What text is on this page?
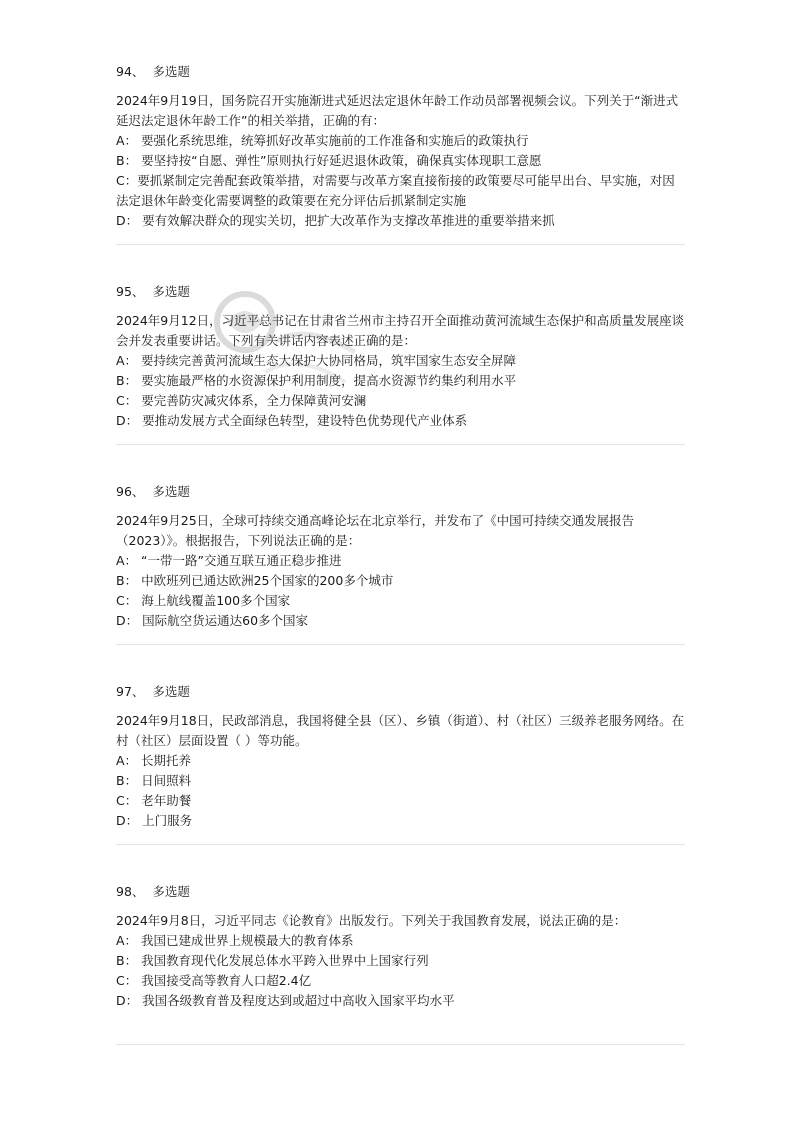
94、 多选题
2024年9月19日，国务院召开实施渐进式延迟法定退休年龄工作动员部署视频会议。下列关于“渐进式延迟法定退休年龄工作”的相关举措，正确的有：
A： 要强化系统思维，统筹抓好改革实施前的工作准备和实施后的政策执行
B： 要坚持按“自愿、弹性”原则执行好延迟退休政策，确保真实体现职工意愿
C：要抓紧制定完善配套政策举措，对需要与改革方案直接衔接的政策要尽可能早出台、早实施，对因法定退休年龄变化需要调整的政策要在充分评估后抓紧制定实施
D： 要有效解决群众的现实关切，把扩大改革作为支撑改革推进的重要举措来抓
95、 多选题
2024年9月12日，习近平总书记在甘肃省兰州市主持召开全面推动黄河流域生态保护和高质量发展座谈会并发表重要讲话。下列有关讲话内容表述正确的是：
A： 要持续完善黄河流域生态大保护大协同格局，筑牢国家生态安全屏障
B： 要实施最严格的水资源保护利用制度，提高水资源节约集约利用水平
C： 要完善防灾减灾体系，全力保障黄河安澜
D： 要推动发展方式全面绿色转型，建设特色优势现代产业体系
96、 多选题
2024年9月25日，全球可持续交通高峰论坛在北京举行，并发布了《中国可持续交通发展报告（2023）》。根据报告，下列说法正确的是：
A： “一带一路”交通互联互通正稳步推进
B： 中欧班列已通达欧洲25个国家的200多个城市
C： 海上航线覆盖100多个国家
D： 国际航空货运通达60多个国家
97、 多选题
2024年9月18日，民政部消息，我国将健全县（区）、乡镇（街道）、村（社区）三级养老服务网络。在村（社区）层面设置（ ）等功能。
A： 长期托养
B： 日间照料
C： 老年助餐
D： 上门服务
98、 多选题
2024年9月8日，习近平同志《论教育》出版发行。下列关于我国教育发展，说法正确的是：
A： 我国已建成世界上规模最大的教育体系
B： 我国教育现代化发展总体水平跨入世界中上国家行列
C： 我国接受高等教育人口超2.4亿
D： 我国各级教育普及程度达到或超过中高收入国家平均水平
